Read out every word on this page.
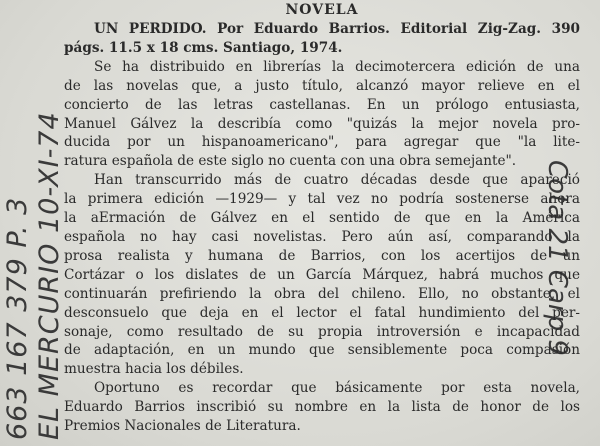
663 167 379 P. 3 EL MERCURIO 10-XI-74	Cota 21 Carp 9
NOVELA
UN PERDIDO. Por Eduardo Barrios. Editorial Zig-Zag. 390
págs. 11.5 x 18 cms. Santiago, 1974.
Se ha distribuido en librerías la decimotercera edición de una
de las novelas que, a justo título, alcanzó mayor relieve en el
concierto de las letras castellanas. En un prólogo entusiasta,
Manuel Gálvez la describía como "quizás la mejor novela pro-
ducida por un hispanoamericano", para agregar que "la lite-
ratura española de este siglo no cuenta con una obra semejante".
Han transcurrido más de cuatro décadas desde que apareció
la primera edición —1929— y tal vez no podría sostenerse ahora
la aErmación de Gálvez en el sentido de que en la América
española no hay casi novelistas. Pero aún así, comparando la
prosa realista y humana de Barrios, con los acertijos de un
Cortázar o los dislates de un García Márquez, habrá muchos que
continuarán prefiriendo la obra del chileno. Ello, no obstante, el
desconsuelo que deja en el lector el fatal hundimiento del per-
sonaje, como resultado de su propia introversión e incapacidad
de adaptación, en un mundo que sensiblemente poca compasión
muestra hacia los débiles.
Oportuno es recordar que básicamente por esta novela,
Eduardo Barrios inscribió su nombre en la lista de honor de los
Premios Nacionales de Literatura.
